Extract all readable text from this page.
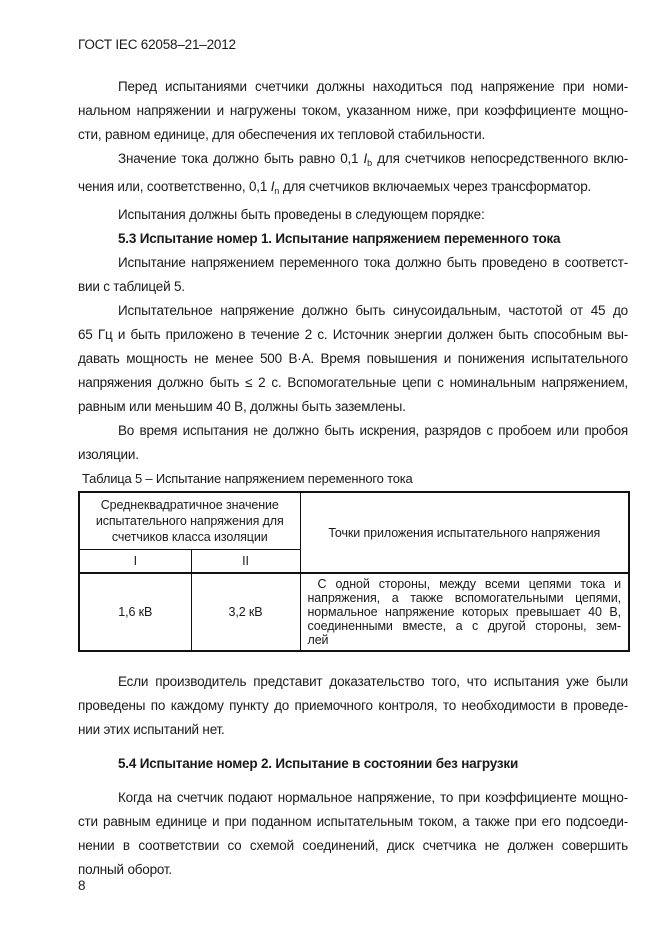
ГОСТ IEC 62058–21–2012
Перед испытаниями счетчики должны находиться под напряжение при номи-
нальном напряжении и нагружены током, указанном ниже, при коэффициенте мощно-
сти, равном единице, для обеспечения их тепловой стабильности.
Значение тока должно быть равно 0,1 $I_b$ для счетчиков непосредственного вклю-
чения или, соответственно, 0,1 $I_n$ для счетчиков включаемых через трансформатор.
Испытания должны быть проведены в следующем порядке:
5.3 Испытание номер 1. Испытание напряжением переменного тока
Испытание напряжением переменного тока должно быть проведено в соответст-
вии с таблицей 5.
Испытательное напряжение должно быть синусоидальным, частотой от 45 до
65 Гц и быть приложено в течение 2 с. Источник энергии должен быть способным вы-
давать мощность не менее 500 В·А. Время повышения и понижения испытательного
напряжения должно быть ≤ 2 с. Вспомогательные цепи с номинальным напряжением,
равным или меньшим 40 В, должны быть заземлены.
Во время испытания не должно быть искрения, разрядов с пробоем или пробоя
изоляции.
Таблица 5 – Испытание напряжением переменного тока
Среднеквадратичное значение
испытательного напряжения для
счетчиков класса изоляции		Точки приложения испытательного напряжения
I	II	
1,6 кВ	3,2 кВ	С одной стороны, между всеми цепями тока и
напряжения, а также вспомогательными цепями,
нормальное напряжение которых превышает 40 В,
соединенными вместе, а с другой стороны, зем-
лей
Если производитель представит доказательство того, что испытания уже были
проведены по каждому пункту до приемочного контроля, то необходимости в проведе-
нии этих испытаний нет.
5.4 Испытание номер 2. Испытание в состоянии без нагрузки
Когда на счетчик подают нормальное напряжение, то при коэффициенте мощно-
сти равным единице и при поданном испытательным током, а также при его подсоеди-
нении в соответствии со схемой соединений, диск счетчика не должен совершить
полный оборот.
8
